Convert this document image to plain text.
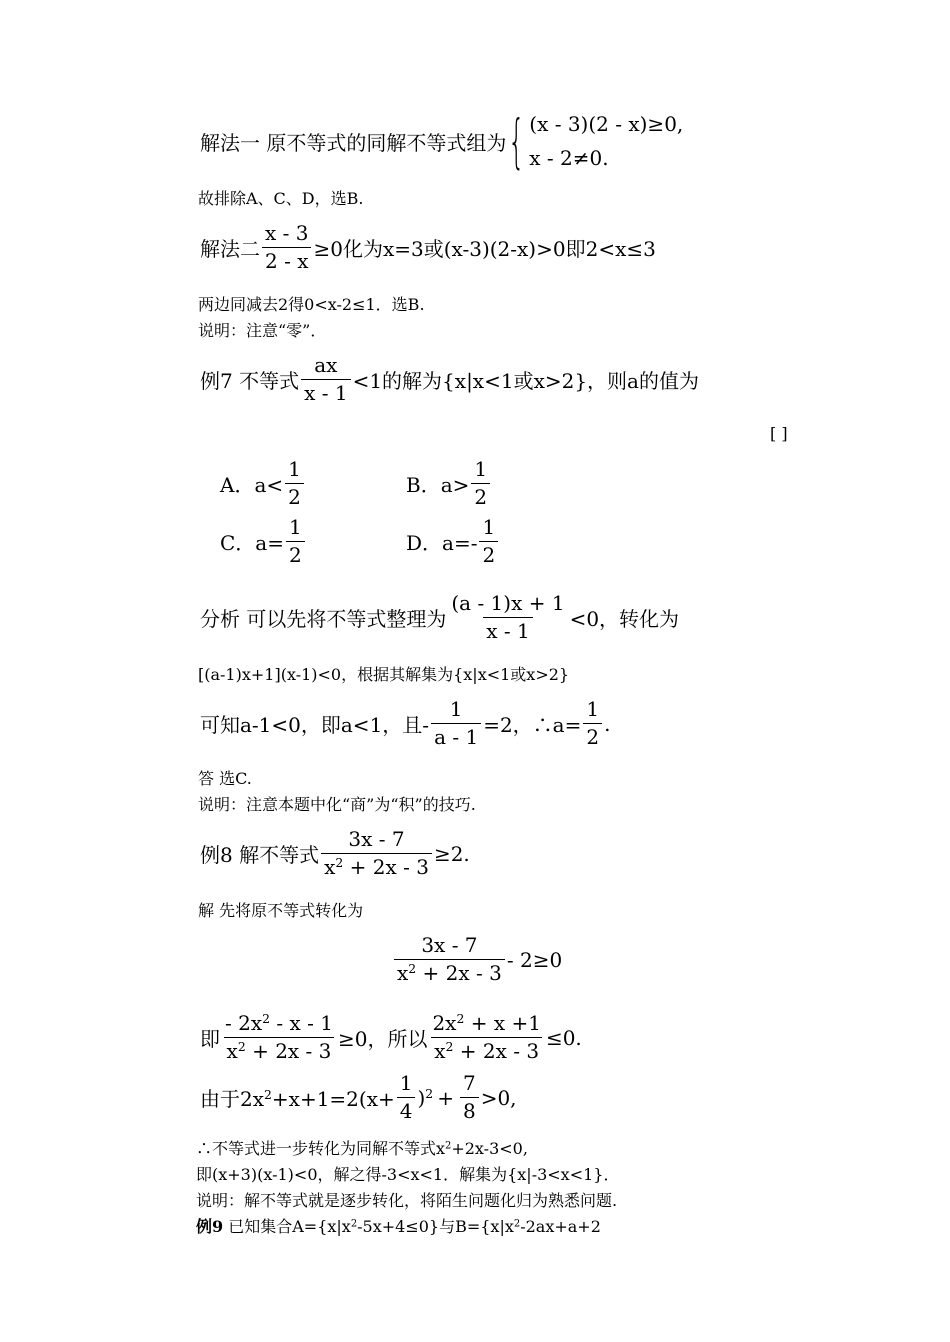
解法一 原不等式的同解不等式组为 { (x - 3)(2 - x)≥0,
x - 2≠0.
故排除A、C、D，选B.
解法二 $\frac{x - 3}{2 - x} \ge 0$化为x=3或(x-3)(2-x)>0即2<x≤3
两边同减去2得0<x-2≤1．选B.
说明：注意“零”．
例7 不等式 $\frac{ax}{x - 1} <1$的解为{x|x<1或x>2}，则a的值为
[ ]
A．$a< \frac{1}{2}$	B．$a> \frac{1}{2}$
C．$a= \frac{1}{2}$	D．$a=- \frac{1}{2}$
分析 可以先将不等式整理为 $\frac{(a - 1)x + 1}{x - 1} <0$，转化为
[(a-1)x+1](x-1)<0，根据其解集为{x|x<1或x>2}
可知a-1<0，即a<1，且- $\frac{1}{a - 1} =2$，∴a= $\frac{1}{2}$ .
答 选C.
说明：注意本题中化“商”为“积”的技巧.
例8 解不等式 $\frac{3x - 7}{x^2 + 2x - 3} \ge 2$.
解 先将原不等式转化为
$\frac{3x - 7}{x^2 + 2x - 3} - 2\ge 0$
即 $\frac{- 2x^2 - x - 1}{x^2 + 2x - 3} \ge 0$，所以 $\frac{2x^2 + x +1}{x^2 + 2x - 3} \le 0$.
由于$2x^2+x+1=2(x+ \frac{1}{4} )^2 + \frac{7}{8} >0$,
∴不等式进一步转化为同解不等式$x^2+2x-3<0$,
即(x+3)(x-1)<0，解之得-3<x<1．解集为{x|-3<x<1}．
说明：解不等式就是逐步转化，将陌生问题化归为熟悉问题.
例9 已知集合$A=\{x|x^2-5x+4\le 0\}$与$B=\{x|x^2-2ax+a+2$
